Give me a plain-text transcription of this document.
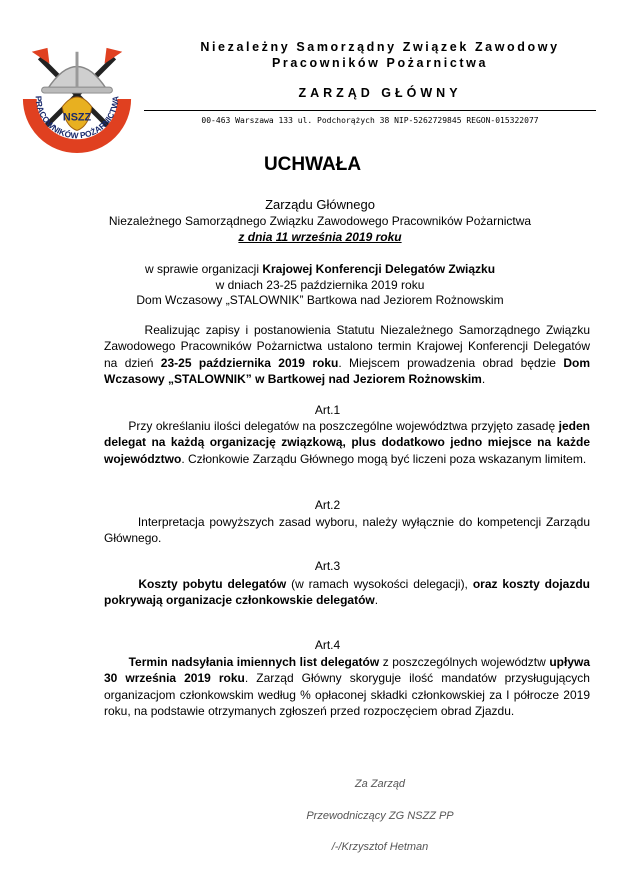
PRACOWNIKÓW POŻARNICTWA
NSZZ
Niezależny Samorządny Związek Zawodowy
Pracowników Pożarnictwa
ZARZĄD GŁÓWNY
00-463 Warszawa 133 ul. Podchorążych 38 NIP-5262729845 REGON-015322077
UCHWAŁA
Zarządu Głównego
Niezależnego Samorządnego Związku Zawodowego Pracowników Pożarnictwa
z dnia 11 września 2019 roku
w sprawie organizacji Krajowej Konferencji Delegatów Związku
w dniach 23-25 października 2019 roku
Dom Wczasowy „STALOWNIK” Bartkowa nad Jeziorem Rożnowskim

Realizując zapisy i postanowienia Statutu Niezależnego Samorządnego Związku Zawodowego Pracowników Pożarnictwa ustalono termin Krajowej Konferencji Delegatów na dzień 23-25 października 2019 roku. Miejscem prowadzenia obrad będzie Dom Wczasowy „STALOWNIK” w Bartkowej nad Jeziorem Rożnowskim.

Art.1

Przy określaniu ilości delegatów na poszczególne województwa przyjęto zasadę jeden delegat na każdą organizację związkową, plus dodatkowo jedno miejsce na każde województwo. Członkowie Zarządu Głównego mogą być liczeni poza wskazanym limitem.

Art.2

Interpretacja powyższych zasad wyboru, należy wyłącznie do kompetencji Zarządu Głównego.

Art.3

Koszty pobytu delegatów (w ramach wysokości delegacji), oraz koszty dojazdu pokrywają organizacje członkowskie delegatów.

Art.4

Termin nadsyłania imiennych list delegatów z poszczególnych województw upływa 30 września 2019 roku. Zarząd Główny skoryguje ilość mandatów przysługujących organizacjom członkowskim według % opłaconej składki członkowskiej za I półrocze 2019 roku, na podstawie otrzymanych zgłoszeń przed rozpoczęciem obrad Zjazdu.

Za Zarząd
Przewodniczący ZG NSZZ PP
/-/Krzysztof Hetman
